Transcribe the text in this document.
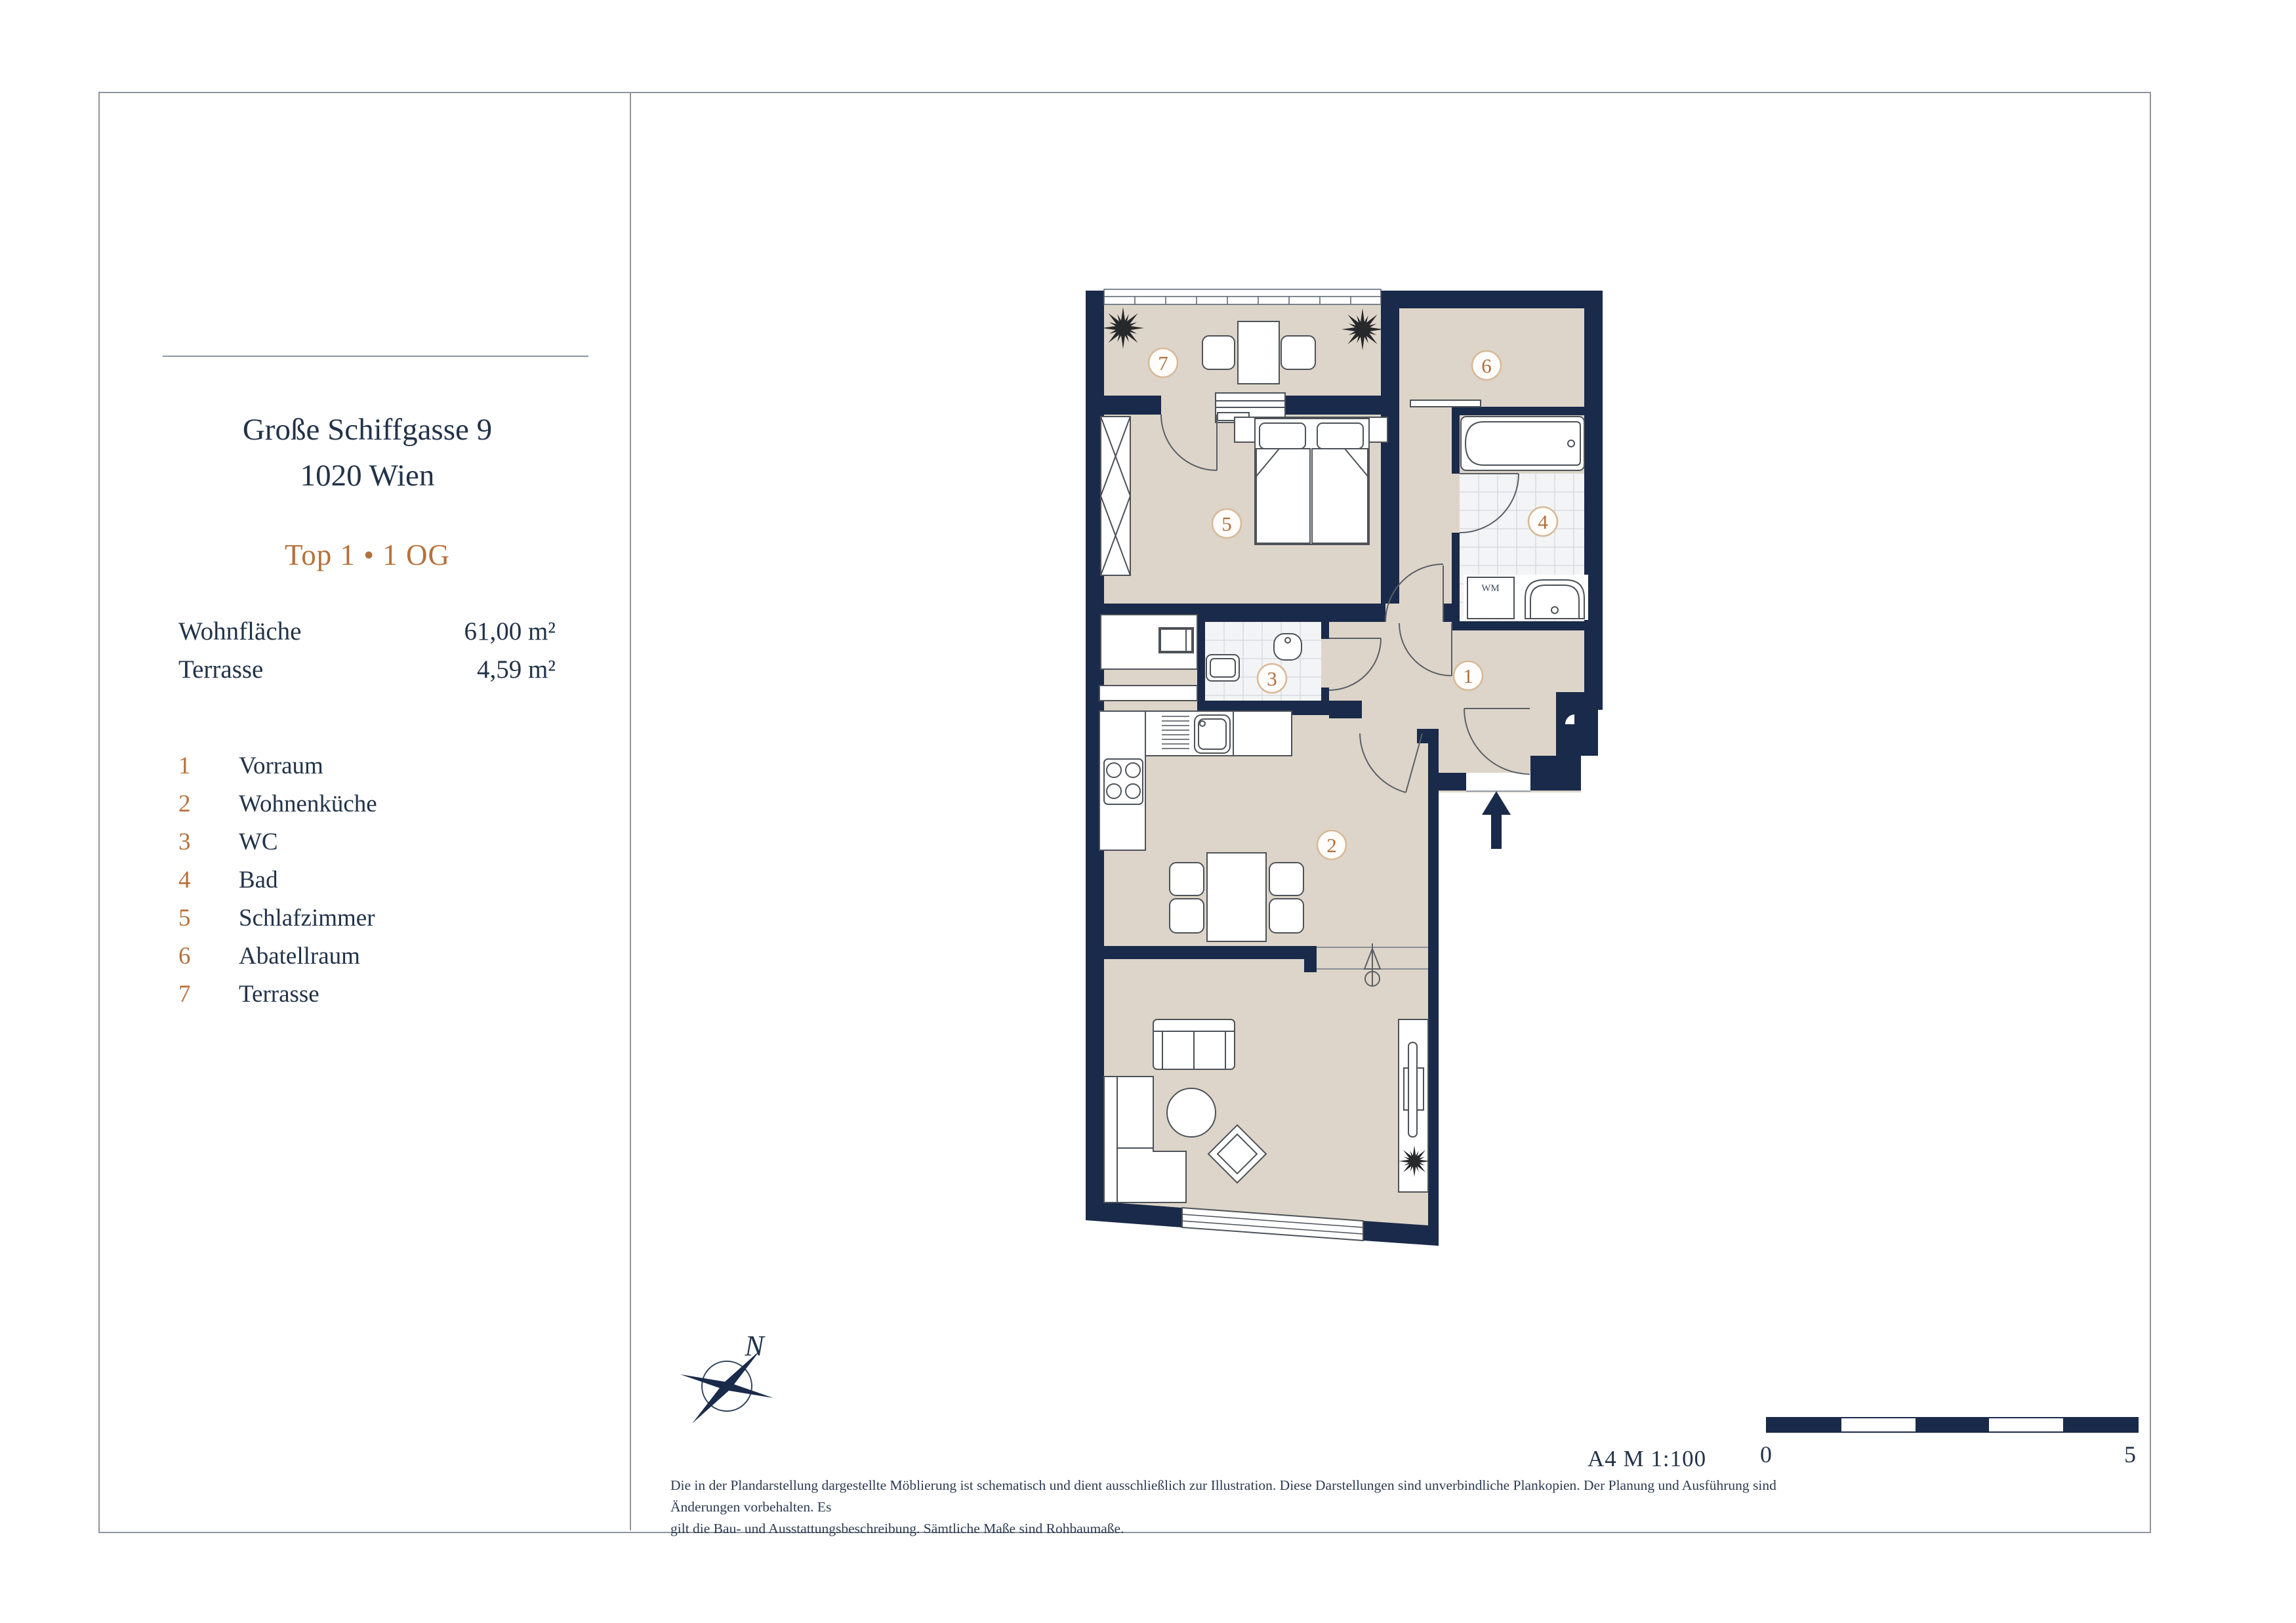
Große Schiffgasse 9
1020 Wien
Top 1 • 1 OG
Wohnfläche	61,00 m²
Terrasse	4,59 m²
1	Vorraum
2	Wohnenküche
3	WC
4	Bad
5	Schlafzimmer
6	Abatellraum
7	Terrasse
WM
1
2
3
4
5
6
7
N
A4 M 1:100 0	5
Die in der Plandarstellung dargestellte Möblierung ist schematisch und dient ausschließlich zur Illustration. Diese Darstellungen sind unverbindliche Plankopien. Der Planung und Ausführung sind Änderungen vorbehalten. Es
gilt die Bau- und Ausstattungsbeschreibung. Sämtliche Maße sind Rohbaumaße.
